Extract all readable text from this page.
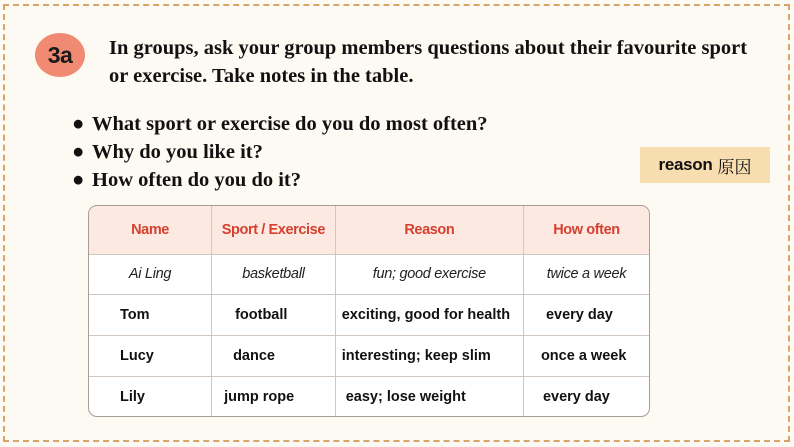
3a	In groups, ask your group members questions about their favourite sport or exercise. Take notes in the table.

● What sport or exercise do you do most often?
● Why do you like it?
● How often do you do it?
reason 原因
Name	Sport / Exercise	Reason	How often
Ai Ling	basketball	fun; good exercise	twice a week
Tom	football	exciting, good for health	every day
Lucy	dance	interesting; keep slim	once a week
Lily	jump rope	easy; lose weight	every day
